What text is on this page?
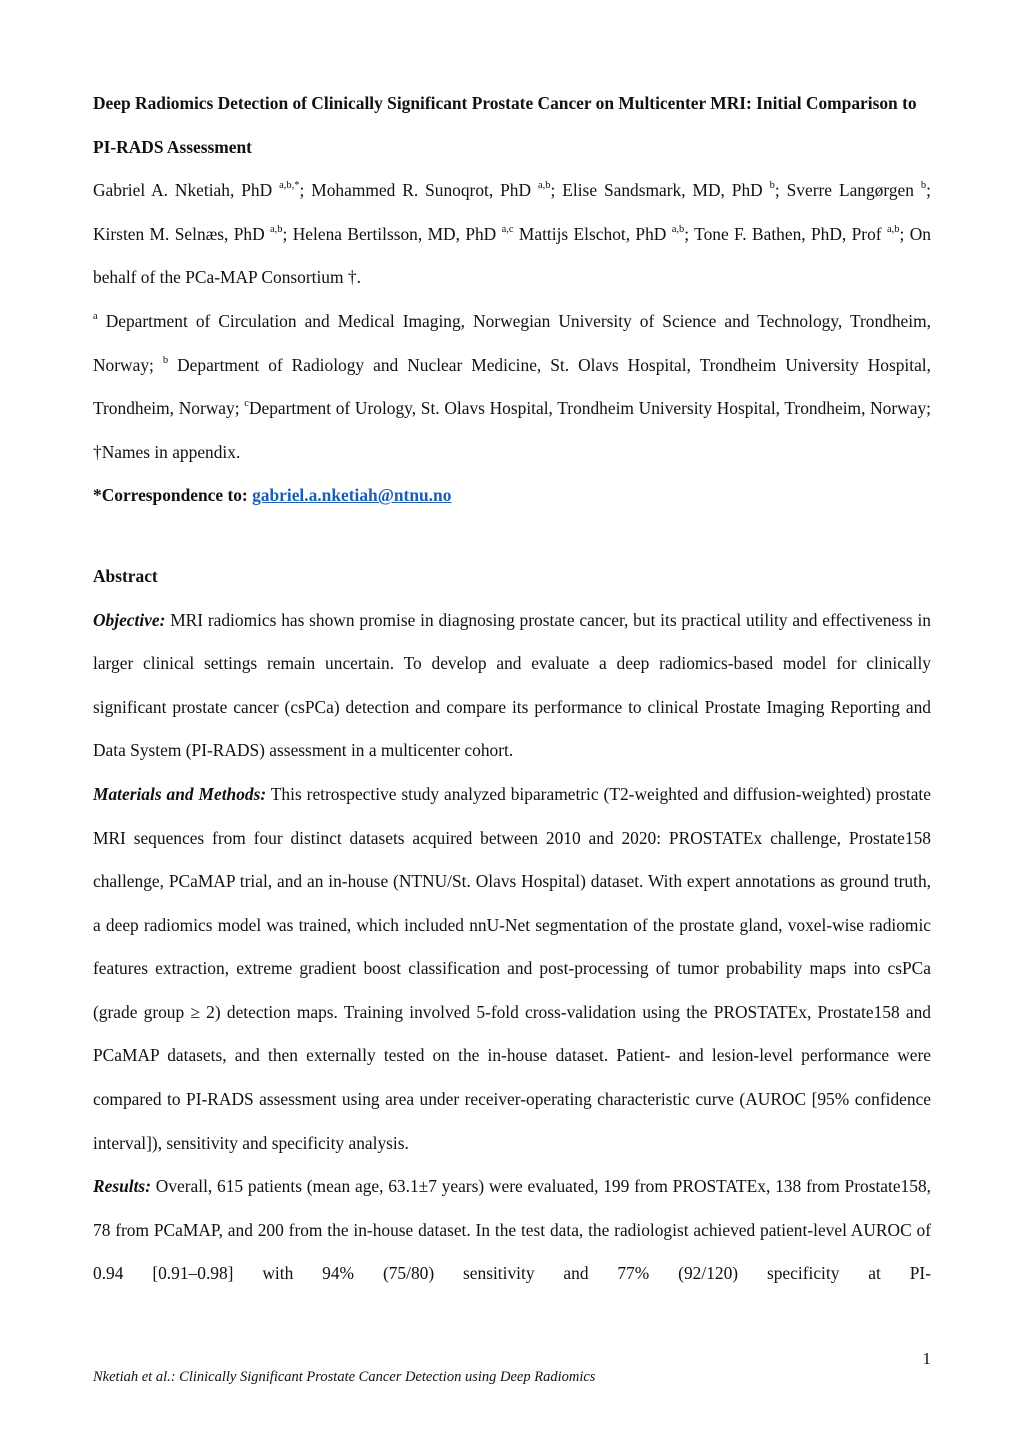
Deep Radiomics Detection of Clinically Significant Prostate Cancer on Multicenter MRI: Initial Comparison to PI-RADS Assessment

Gabriel A. Nketiah, PhD $^{a,b,*}$; Mohammed R. Sunoqrot, PhD $^{a,b}$; Elise Sandsmark, MD, PhD $^b$; Sverre Langørgen $^b$; Kirsten M. Selnæs, PhD $^{a,b}$; Helena Bertilsson, MD, PhD $^{a,c}$ Mattijs Elschot, PhD $^{a,b}$; Tone F. Bathen, PhD, Prof $^{a,b}$; On behalf of the PCa-MAP Consortium †.

$^a$ Department of Circulation and Medical Imaging, Norwegian University of Science and Technology, Trondheim, Norway; $^b$ Department of Radiology and Nuclear Medicine, St. Olavs Hospital, Trondheim University Hospital, Trondheim, Norway; $^c$Department of Urology, St. Olavs Hospital, Trondheim University Hospital, Trondheim, Norway; †Names in appendix.

*Correspondence to: gabriel.a.nketiah@ntnu.no

Abstract

Objective: MRI radiomics has shown promise in diagnosing prostate cancer, but its practical utility and effectiveness in larger clinical settings remain uncertain. To develop and evaluate a deep radiomics-based model for clinically significant prostate cancer (csPCa) detection and compare its performance to clinical Prostate Imaging Reporting and Data System (PI-RADS) assessment in a multicenter cohort.

Materials and Methods: This retrospective study analyzed biparametric (T2-weighted and diffusion-weighted) prostate MRI sequences from four distinct datasets acquired between 2010 and 2020: PROSTATEx challenge, Prostate158 challenge, PCaMAP trial, and an in-house (NTNU/St. Olavs Hospital) dataset. With expert annotations as ground truth, a deep radiomics model was trained, which included nnU-Net segmentation of the prostate gland, voxel-wise radiomic features extraction, extreme gradient boost classification and post-processing of tumor probability maps into csPCa (grade group ≥ 2) detection maps. Training involved 5-fold cross-validation using the PROSTATEx, Prostate158 and PCaMAP datasets, and then externally tested on the in-house dataset. Patient- and lesion-level performance were compared to PI-RADS assessment using area under receiver-operating characteristic curve (AUROC [95% confidence interval]), sensitivity and specificity analysis.

Results: Overall, 615 patients (mean age, 63.1±7 years) were evaluated, 199 from PROSTATEx, 138 from Prostate158, 78 from PCaMAP, and 200 from the in-house dataset. In the test data, the radiologist achieved patient-level AUROC of 0.94 [0.91–0.98] with 94% (75/80) sensitivity and 77% (92/120) specificity at PI-

1
Nketiah et al.: Clinically Significant Prostate Cancer Detection using Deep Radiomics
